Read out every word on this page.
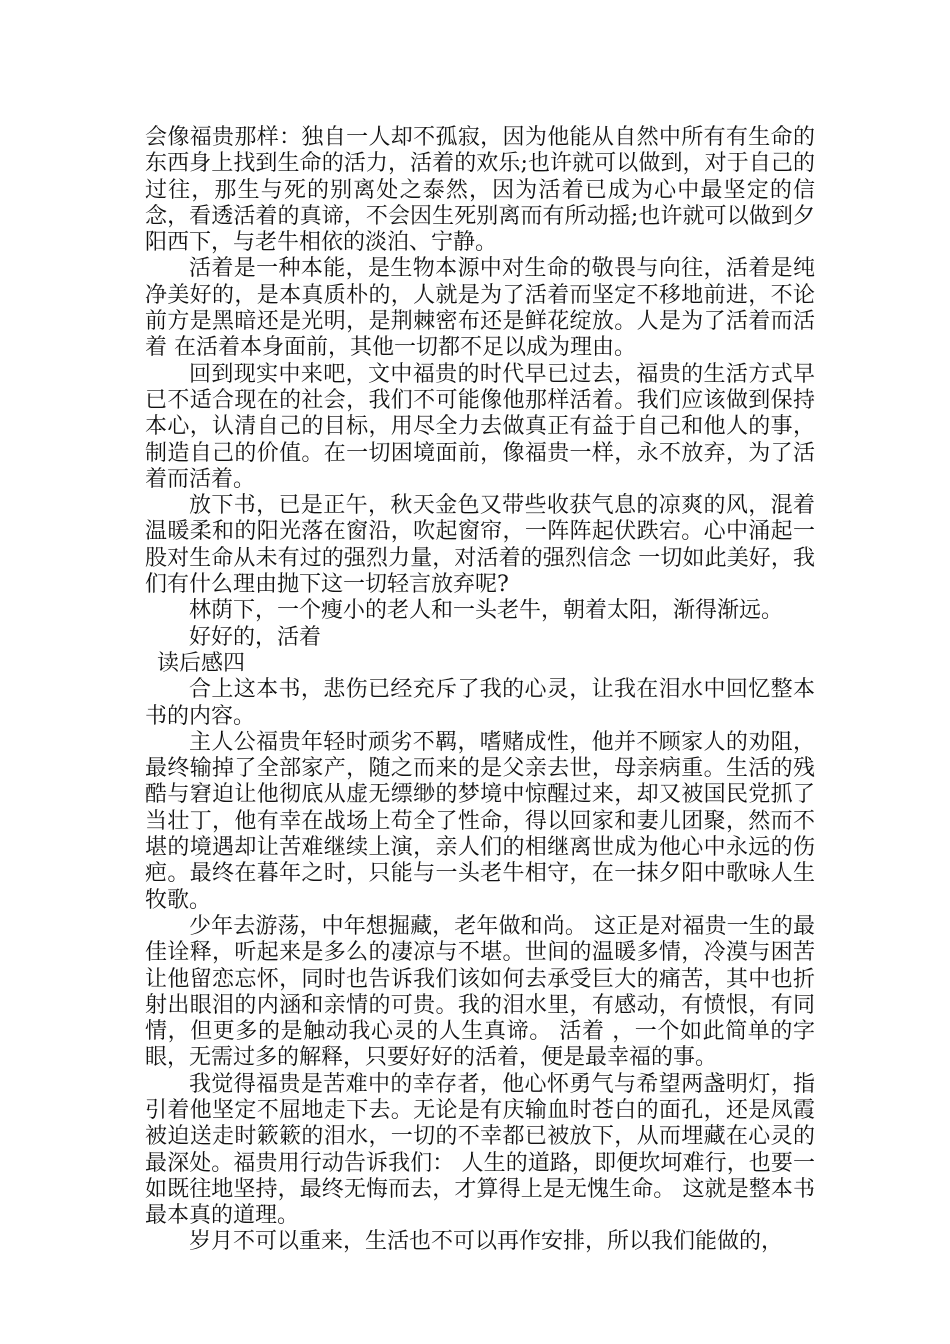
会像福贵那样：独自一人却不孤寂，因为他能从自然中所有有生命的东西身上找到生命的活力，活着的欢乐;也许就可以做到，对于自己的过往，那生与死的别离处之泰然，因为活着已成为心中最坚定的信念，看透活着的真谛，不会因生死别离而有所动摇;也许就可以做到夕阳西下，与老牛相依的淡泊、宁静。

活着是一种本能，是生物本源中对生命的敬畏与向往，活着是纯净美好的，是本真质朴的，人就是为了活着而坚定不移地前进，不论前方是黑暗还是光明，是荆棘密布还是鲜花绽放。人是为了活着而活着 在活着本身面前，其他一切都不足以成为理由。

回到现实中来吧，文中福贵的时代早已过去，福贵的生活方式早已不适合现在的社会，我们不可能像他那样活着。我们应该做到保持本心，认清自己的目标，用尽全力去做真正有益于自己和他人的事，制造自己的价值。在一切困境面前，像福贵一样，永不放弃，为了活着而活着。

放下书，已是正午，秋天金色又带些收获气息的凉爽的风，混着温暖柔和的阳光落在窗沿，吹起窗帘，一阵阵起伏跌宕。心中涌起一股对生命从未有过的强烈力量，对活着的强烈信念 一切如此美好，我们有什么理由抛下这一切轻言放弃呢?

林荫下，一个瘦小的老人和一头老牛，朝着太阳，渐得渐远。

好好的，活着

读后感四

合上这本书，悲伤已经充斥了我的心灵，让我在泪水中回忆整本书的内容。

主人公福贵年轻时顽劣不羁，嗜赌成性，他并不顾家人的劝阻，最终输掉了全部家产，随之而来的是父亲去世，母亲病重。生活的残酷与窘迫让他彻底从虚无缥缈的梦境中惊醒过来，却又被国民党抓了当壮丁，他有幸在战场上苟全了性命，得以回家和妻儿团聚，然而不堪的境遇却让苦难继续上演，亲人们的相继离世成为他心中永远的伤疤。最终在暮年之时，只能与一头老牛相守，在一抹夕阳中歌咏人生牧歌。

少年去游荡，中年想掘藏，老年做和尚。 这正是对福贵一生的最佳诠释，听起来是多么的凄凉与不堪。世间的温暖多情，冷漠与困苦让他留恋忘怀，同时也告诉我们该如何去承受巨大的痛苦，其中也折射出眼泪的内涵和亲情的可贵。我的泪水里，有感动，有愤恨，有同情，但更多的是触动我心灵的人生真谛。 活着 ，一个如此简单的字眼，无需过多的解释，只要好好的活着，便是最幸福的事。

我觉得福贵是苦难中的幸存者，他心怀勇气与希望两盏明灯，指引着他坚定不屈地走下去。无论是有庆输血时苍白的面孔，还是凤霞被迫送走时簌簌的泪水，一切的不幸都已被放下，从而埋藏在心灵的最深处。福贵用行动告诉我们： 人生的道路，即便坎坷难行，也要一如既往地坚持，最终无悔而去，才算得上是无愧生命。 这就是整本书最本真的道理。

岁月不可以重来，生活也不可以再作安排，所以我们能做的，
